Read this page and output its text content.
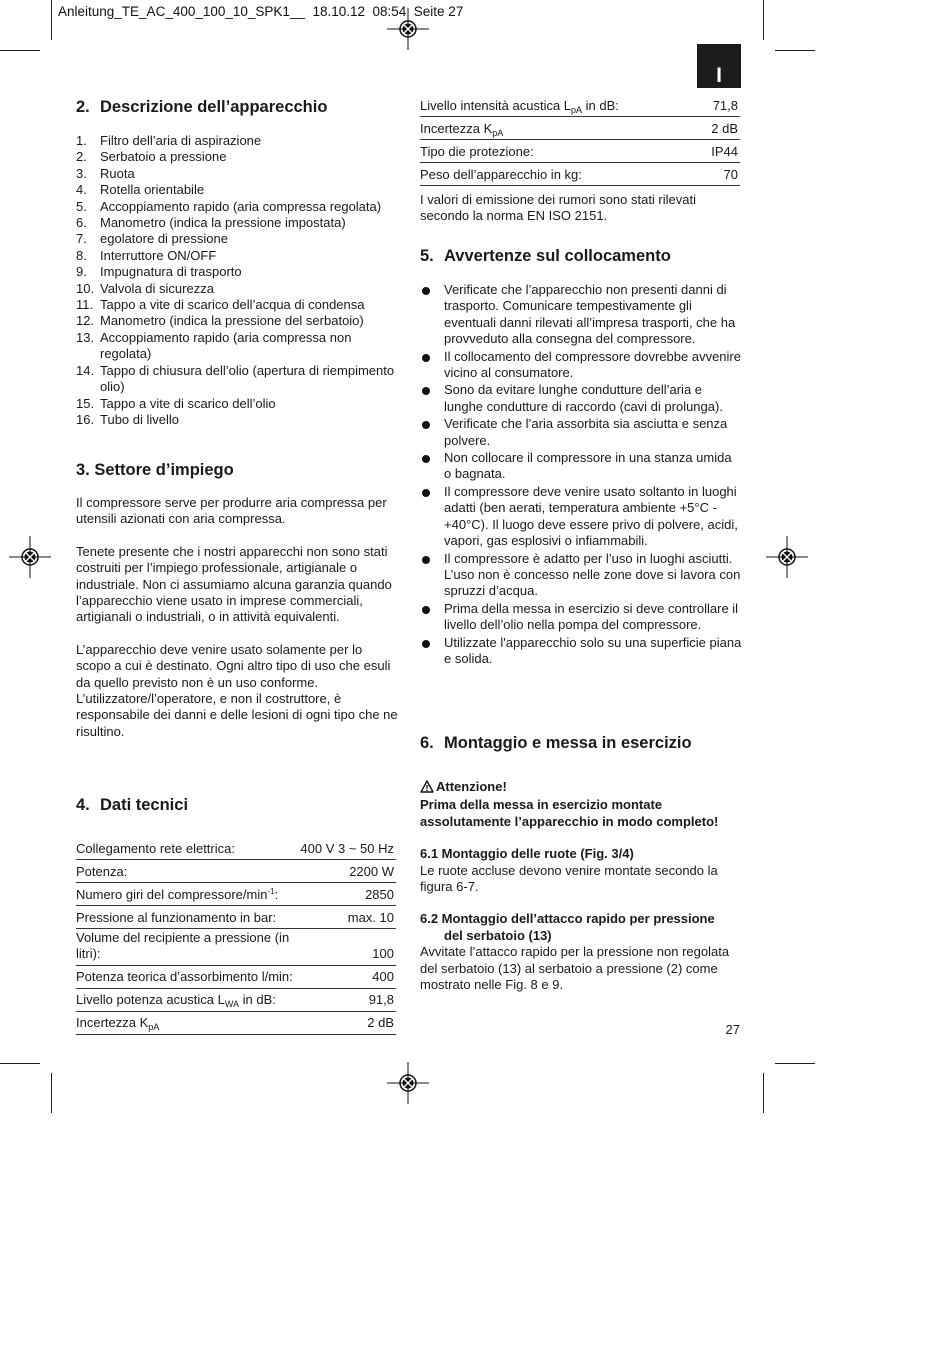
Anleitung_TE_AC_400_100_10_SPK1__  18.10.12  08:54  Seite 27
I
2. Descrizione dell’apparecchio
1.	Filtro dell’aria di aspirazione
2.	Serbatoio a pressione
3.	Ruota
4.	Rotella orientabile
5.	Accoppiamento rapido (aria compressa regolata)
6.	Manometro (indica la pressione impostata)
7.	egolatore di pressione
8.	Interruttore ON/OFF
9.	Impugnatura di trasporto
10. Valvola di sicurezza
11. Tappo a vite di scarico dell’acqua di condensa
12. Manometro (indica la pressione del serbatoio)
13. Accoppiamento rapido (aria compressa non regolata)
14. Tappo di chiusura dell’olio (apertura di riempimento olio)
15. Tappo a vite di scarico dell’olio
16. Tubo di livello
3. Settore d’impiego

Il compressore serve per produrre aria compressa per utensili azionati con aria compressa.

Tenete presente che i nostri apparecchi non sono stati costruiti per l’impiego professionale, artigianale o industriale. Non ci assumiamo alcuna garanzia quando l’apparecchio viene usato in imprese commerciali, artigianali o industriali, o in attività equivalenti.

L’apparecchio deve venire usato solamente per lo scopo a cui è destinato. Ogni altro tipo di uso che esuli da quello previsto non è un uso conforme. L’utilizzatore/l’operatore, e non il costruttore, è responsabile dei danni e delle lesioni di ogni tipo che ne risultino.

4. Dati tecnici
Collegamento rete elettrica:	400 V 3 ~ 50 Hz
Potenza:	2200 W
Numero giri del compressore/$\min^{-1}$:	2850
Pressione al funzionamento in bar:	max. 10
Volume del recipiente a pressione (in litri):	100
Potenza teorica d’assorbimento l/min:	400
Livello potenza acustica $L_{WA}$ in dB:	91,8
Incertezza $K_{pA}$	2 dB
Livello intensità acustica $L_{pA}$ in dB:	71,8
Incertezza $K_{pA}$	2 dB
Tipo die protezione:	IP44
Peso dell’apparecchio in kg:	70

I valori di emissione dei rumori sono stati rilevati secondo la norma EN ISO 2151.

5. Avvertenze sul collocamento
Verificate che l’apparecchio non presenti danni di trasporto. Comunicare tempestivamente gli eventuali danni rilevati all’impresa trasporti, che ha provveduto alla consegna del compressore.
Il collocamento del compressore dovrebbe avvenire vicino al consumatore.
Sono da evitare lunghe condutture dell’aria e lunghe condutture di raccordo (cavi di prolunga).
Verificate che l’aria assorbita sia asciutta e senza polvere.
Non collocare il compressore in una stanza umida o bagnata.
Il compressore deve venire usato soltanto in luoghi adatti (ben aerati, temperatura ambiente +5°C - +40°C). Il luogo deve essere privo di polvere, acidi, vapori, gas esplosivi o infiammabili.
Il compressore è adatto per l’uso in luoghi asciutti. L’uso non è concesso nelle zone dove si lavora con spruzzi d’acqua.
Prima della messa in esercizio si deve controllare il livello dell’olio nella pompa del compressore.
Utilizzate l'apparecchio solo su una superficie piana e solida.
6. Montaggio e messa in esercizio
Attenzione!
Prima della messa in esercizio montate assolutamente l’apparecchio in modo completo!
6.1 Montaggio delle ruote (Fig. 3/4)
Le ruote accluse devono venire montate secondo la figura 6-7.
6.2 Montaggio dell’attacco rapido per pressione
del serbatoio (13)
Avvitate l’attacco rapido per la pressione non regolata del serbatoio (13) al serbatoio a pressione (2) come mostrato nelle Fig. 8 e 9.
27
